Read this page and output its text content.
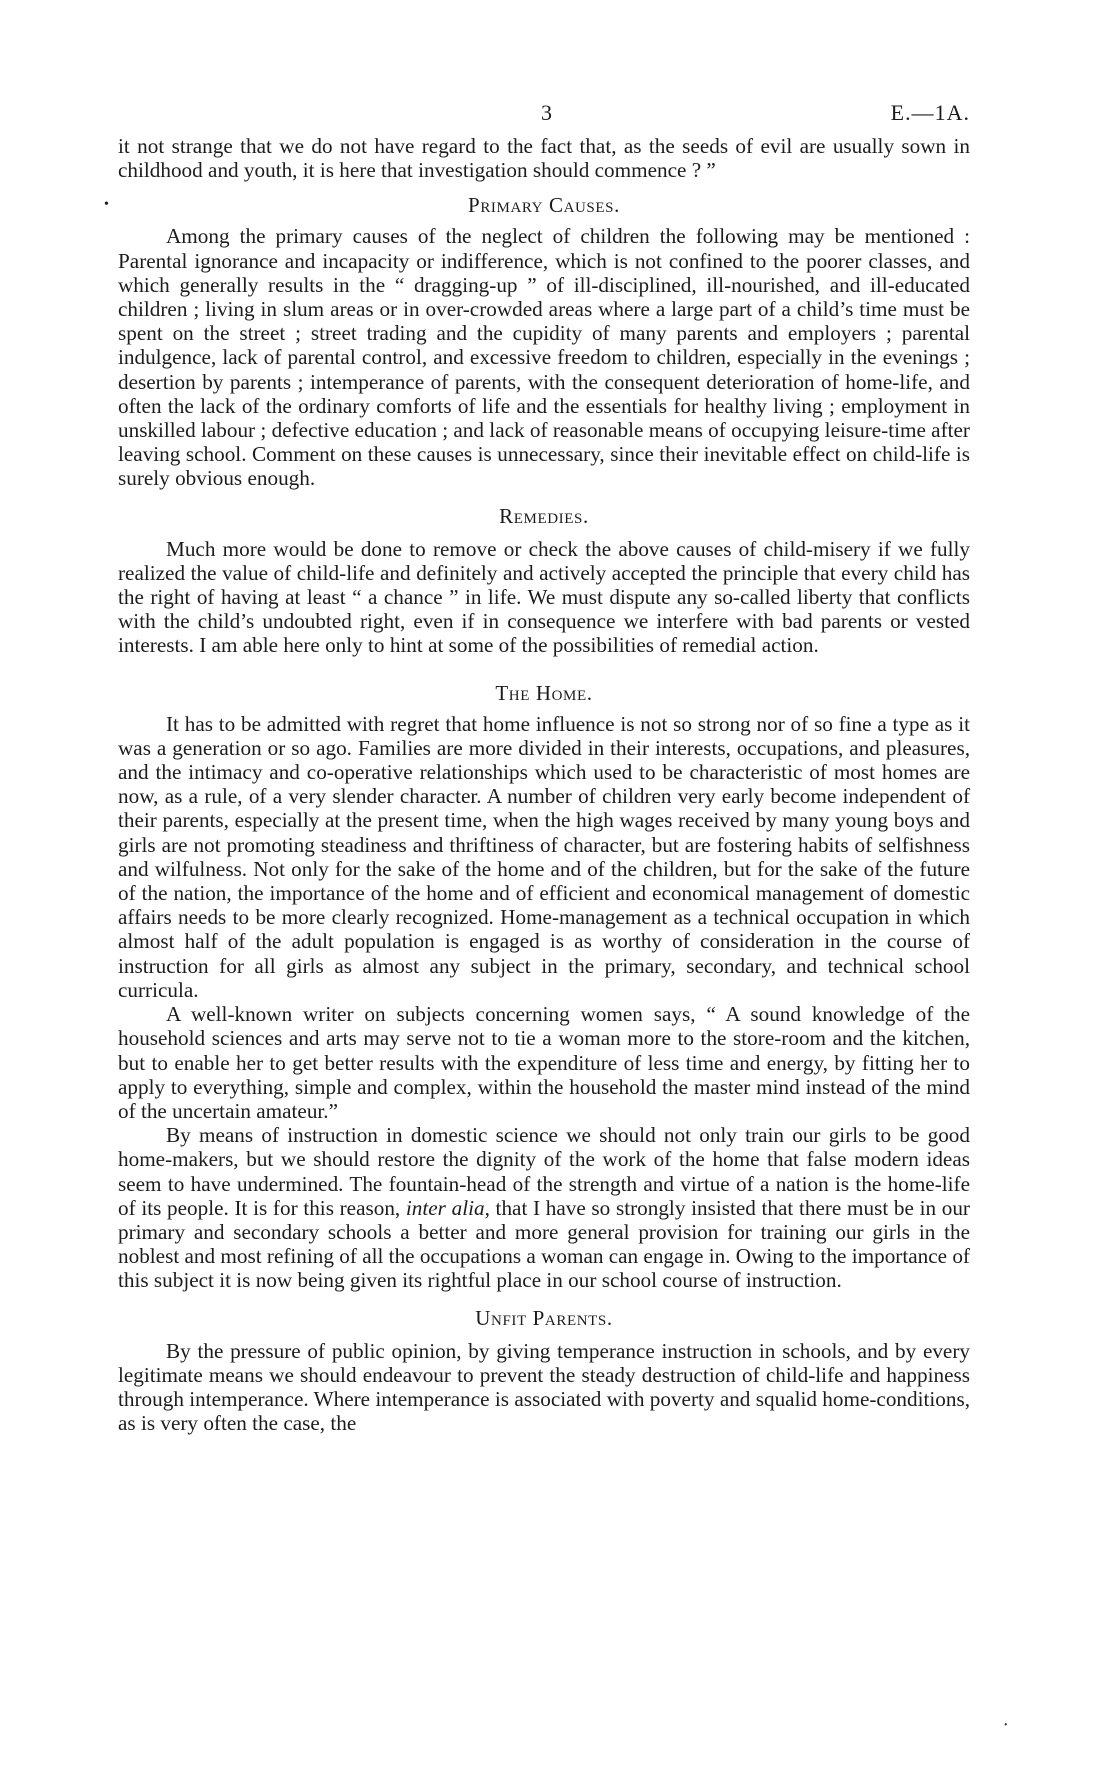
3	E.—1A.

it not strange that we do not have regard to the fact that, as the seeds of evil are usually sown in childhood and youth, it is here that investigation should commence ? ”

•	Primary Causes.

Among the primary causes of the neglect of children the following may be mentioned : Parental ignorance and incapacity or indifference, which is not confined to the poorer classes, and which generally results in the “ dragging-up ” of ill-disciplined, ill-nourished, and ill-educated children ; living in slum areas or in over-crowded areas where a large part of a child’s time must be spent on the street ; street trading and the cupidity of many parents and employers ; parental indulgence, lack of parental control, and excessive freedom to children, especially in the evenings ; desertion by parents ; intemperance of parents, with the consequent deterioration of home-life, and often the lack of the ordinary comforts of life and the essentials for healthy living ; employment in unskilled labour ; defective education ; and lack of reasonable means of occupying leisure-time after leaving school. Comment on these causes is unnecessary, since their inevitable effect on child-life is surely obvious enough.

Remedies.

Much more would be done to remove or check the above causes of child-misery if we fully realized the value of child-life and definitely and actively accepted the principle that every child has the right of having at least “ a chance ” in life. We must dispute any so-called liberty that conflicts with the child’s undoubted right, even if in consequence we interfere with bad parents or vested interests. I am able here only to hint at some of the possibilities of remedial action.

The Home.

It has to be admitted with regret that home influence is not so strong nor of so fine a type as it was a generation or so ago. Families are more divided in their interests, occupations, and pleasures, and the intimacy and co-operative relationships which used to be characteristic of most homes are now, as a rule, of a very slender character. A number of children very early become independent of their parents, especially at the present time, when the high wages received by many young boys and girls are not promoting steadiness and thriftiness of character, but are fostering habits of selfishness and wilfulness. Not only for the sake of the home and of the children, but for the sake of the future of the nation, the importance of the home and of efficient and economical management of domestic affairs needs to be more clearly recognized. Home-management as a technical occupation in which almost half of the adult population is engaged is as worthy of consideration in the course of instruction for all girls as almost any subject in the primary, secondary, and technical school curricula.

A well-known writer on subjects concerning women says, “ A sound knowledge of the household sciences and arts may serve not to tie a woman more to the store-room and the kitchen, but to enable her to get better results with the expenditure of less time and energy, by fitting her to apply to everything, simple and complex, within the household the master mind instead of the mind of the uncertain amateur.”

By means of instruction in domestic science we should not only train our girls to be good home-makers, but we should restore the dignity of the work of the home that false modern ideas seem to have undermined. The fountain-head of the strength and virtue of a nation is the home-life of its people. It is for this reason, inter alia, that I have so strongly insisted that there must be in our primary and secondary schools a better and more general provision for training our girls in the noblest and most refining of all the occupations a woman can engage in. Owing to the importance of this subject it is now being given its rightful place in our school course of instruction.

Unfit Parents.

By the pressure of public opinion, by giving temperance instruction in schools, and by every legitimate means we should endeavour to prevent the steady destruction of child-life and happiness through intemperance. Where intemperance is associated with poverty and squalid home-conditions, as is very often the case, the

•
